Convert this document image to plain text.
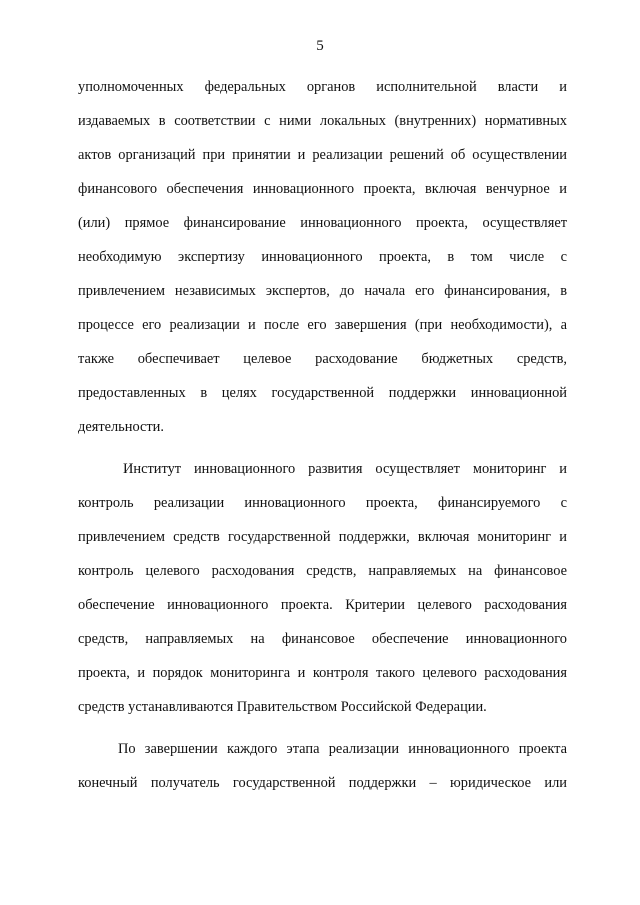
5
уполномоченных федеральных органов исполнительной власти и
издаваемых в соответствии с ними локальных (внутренних) нормативных
актов организаций при принятии и реализации решений об осуществлении
финансового обеспечения инновационного проекта, включая венчурное и
(или) прямое финансирование инновационного проекта, осуществляет
необходимую экспертизу инновационного проекта, в том числе с
привлечением независимых экспертов, до начала его финансирования, в
процессе его реализации и после его завершения (при необходимости), а
также обеспечивает целевое расходование бюджетных средств,
предоставленных в целях государственной поддержки инновационной
деятельности.
Институт инновационного развития осуществляет мониторинг и
контроль реализации инновационного проекта, финансируемого с
привлечением средств государственной поддержки, включая мониторинг и
контроль целевого расходования средств, направляемых на финансовое
обеспечение инновационного проекта. Критерии целевого расходования
средств, направляемых на финансовое обеспечение инновационного
проекта, и порядок мониторинга и контроля такого целевого расходования
средств устанавливаются Правительством Российской Федерации.
По завершении каждого этапа реализации инновационного проекта
конечный получатель государственной поддержки – юридическое или
